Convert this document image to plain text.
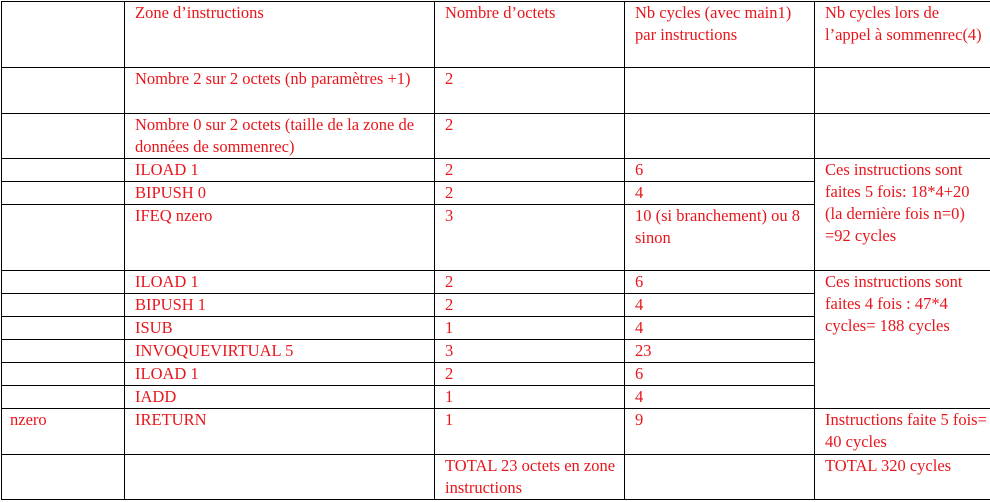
	Zone d’instructions	Nombre d’octets	Nb cycles (avec main1) par instructions	Nb cycles lors de l’appel à sommenrec(4)
	Nombre 2 sur 2 octets (nb paramètres +1)	2		
	Nombre 0 sur 2 octets (taille de la zone de données de sommenrec)	2		
	ILOAD 1	2	6	Ces instructions sont faites 5 fois: 18*4+20 (la dernière fois n=0) =92 cycles
	BIPUSH 0	2	4	
	IFEQ nzero	3	10 (si branchement) ou 8 sinon	
	ILOAD 1	2	6	Ces instructions sont faites 4 fois : 47*4 cycles= 188 cycles
	BIPUSH 1	2	4	
	ISUB	1	4	
	INVOQUEVIRTUAL 5	3	23	
	ILOAD 1	2	6	
	IADD	1	4	
nzero	IRETURN	1	9	Instructions faite 5 fois= 40 cycles
		TOTAL 23 octets en zone instructions		TOTAL 320 cycles
